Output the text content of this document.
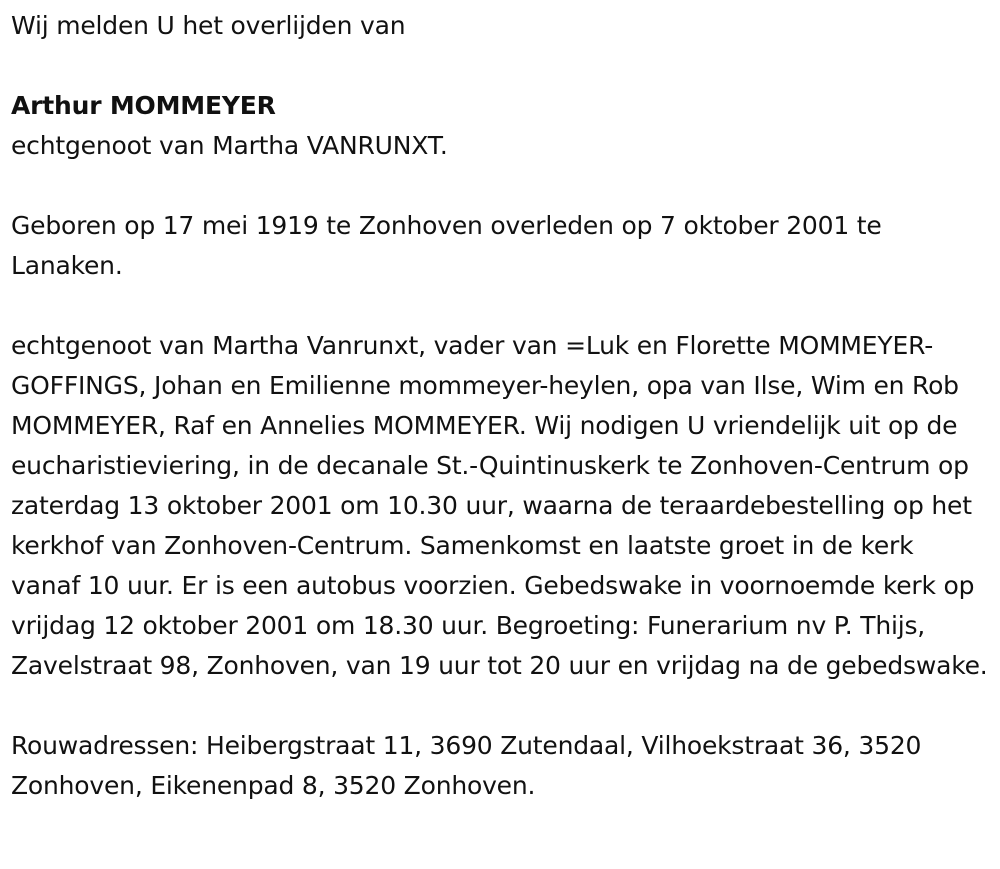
Wij melden U het overlijden van

Arthur MOMMEYER

echtgenoot van Martha VANRUNXT.

Geboren op 17 mei 1919 te Zonhoven overleden op 7 oktober 2001 te Lanaken.

echtgenoot van Martha Vanrunxt, vader van =Luk en Florette MOMMEYER-GOFFINGS, Johan en Emilienne mommeyer-heylen, opa van Ilse, Wim en Rob MOMMEYER, Raf en Annelies MOMMEYER. Wij nodigen U vriendelijk uit op de eucharistieviering, in de decanale St.-Quintinuskerk te Zonhoven-Centrum op zaterdag 13 oktober 2001 om 10.30 uur, waarna de teraardebestelling op het kerkhof van Zonhoven-Centrum. Samenkomst en laatste groet in de kerk vanaf 10 uur. Er is een autobus voorzien. Gebedswake in voornoemde kerk op vrijdag 12 oktober 2001 om 18.30 uur. Begroeting: Funerarium nv P. Thijs, Zavelstraat 98, Zonhoven, van 19 uur tot 20 uur en vrijdag na de gebedswake.

Rouwadressen: Heibergstraat 11, 3690 Zutendaal, Vilhoekstraat 36, 3520 Zonhoven, Eikenenpad 8, 3520 Zonhoven.
